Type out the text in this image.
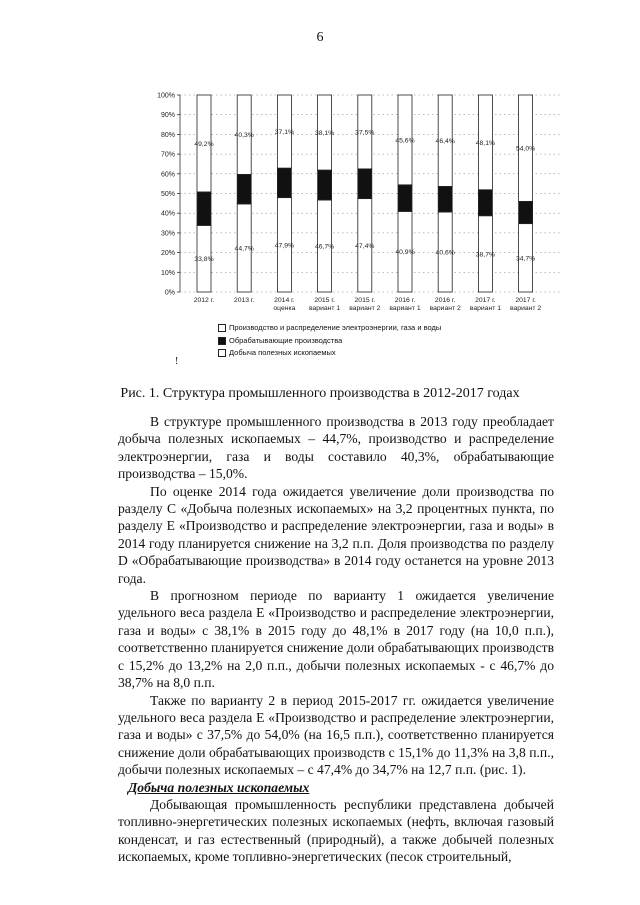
6
0%
10%
20%
30%
40%
50%
60%
70%
80%
90%
100%
33,8%
49,2%
2012 г.
44,7%
40,3%
2013 г.
47,9%
37,1%
2014 г.
оценка
46,7%
38,1%
2015 г.
вариант 1
47,4%
37,5%
2015 г.
вариант 2
40,9%
45,6%
2016 г.
вариант 1
40,6%
46,4%
2016 г.
вариант 2
38,7%
48,1%
2017 г.
вариант 1
34,7%
54,0%
2017 г.
вариант 2
Производство и распределение электроэнергии, газа и воды
Обрабатывающие производства
Добыча полезных ископаемых
!
Рис. 1. Структура промышленного производства в 2012-2017 годах

В структуре промышленного производства в 2013 году преобладает добыча полезных ископаемых – 44,7%, производство и распределение электроэнергии, газа и воды составило 40,3%, обрабатывающие производства – 15,0%.

По оценке 2014 года ожидается увеличение доли производства по разделу С «Добыча полезных ископаемых» на 3,2 процентных пункта, по разделу Е «Производство и распределение электроэнергии, газа и воды» в 2014 году планируется снижение на 3,2 п.п. Доля производства по разделу D «Обрабатывающие производства» в 2014 году останется на уровне 2013 года.

В прогнозном периоде по варианту 1 ожидается увеличение удельного веса раздела Е «Производство и распределение электроэнергии, газа и воды» с 38,1% в 2015 году до 48,1% в 2017 году (на 10,0 п.п.), соответственно планируется снижение доли обрабатывающих производств с 15,2% до 13,2% на 2,0 п.п., добычи полезных ископаемых - с 46,7% до 38,7% на 8,0 п.п.

Также по варианту 2 в период 2015-2017 гг. ожидается увеличение удельного веса раздела Е «Производство и распределение электроэнергии, газа и воды» с 37,5% до 54,0% (на 16,5 п.п.), соответственно планируется снижение доли обрабатывающих производств с 15,1% до 11,3% на 3,8 п.п., добычи полезных ископаемых – с 47,4% до 34,7% на 12,7 п.п. (рис. 1).

Добыча полезных ископаемых

Добывающая промышленность республики представлена добычей топливно-энергетических полезных ископаемых (нефть, включая газовый конденсат, и газ естественный (природный), а также добычей полезных ископаемых, кроме топливно-энергетических (песок строительный,
